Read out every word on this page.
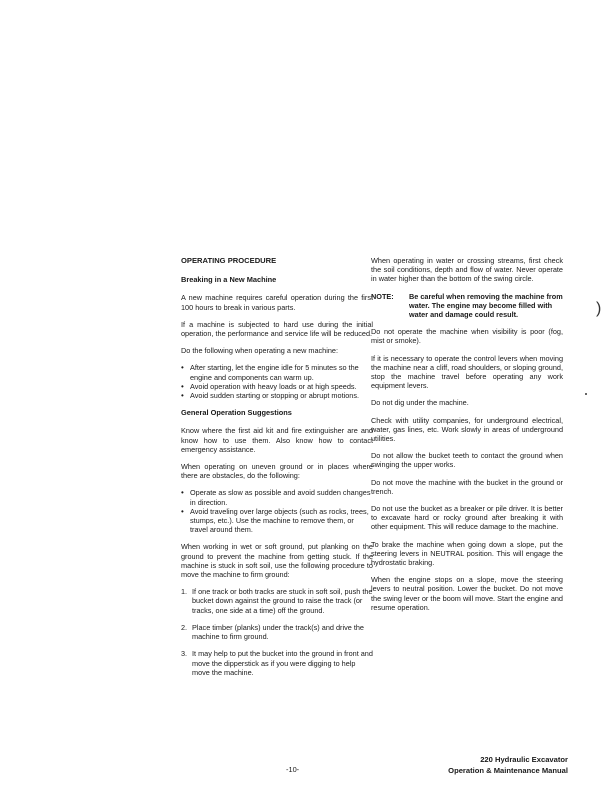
OPERATING PROCEDURE
Breaking in a New Machine

A new machine requires careful operation during the first 100 hours to break in various parts.

If a machine is subjected to hard use during the initial operation, the performance and service life will be reduced.

Do the following when operating a new machine:

• After starting, let the engine idle for 5 minutes so the engine and components can warm up.
• Avoid operation with heavy loads or at high speeds.
• Avoid sudden starting or stopping or abrupt motions.
General Operation Suggestions

Know where the first aid kit and fire extinguisher are and know how to use them. Also know how to contact emergency assistance.

When operating on uneven ground or in places where there are obstacles, do the following:

• Operate as slow as possible and avoid sudden changes in direction.
• Avoid traveling over large objects (such as rocks, trees, stumps, etc.). Use the machine to remove them, or travel around them.

When working in wet or soft ground, put planking on the ground to prevent the machine from getting stuck. If the machine is stuck in soft soil, use the following procedure to move the machine to firm ground:

1. If one track or both tracks are stuck in soft soil, push the bucket down against the ground to raise the track (or tracks, one side at a time) off the ground.
2. Place timber (planks) under the track(s) and drive the machine to firm ground.
3. It may help to put the bucket into the ground in front and move the dipperstick as if you were digging to help move the machine.

When operating in water or crossing streams, first check the soil conditions, depth and flow of water. Never operate in water higher than the bottom of the swing circle.

NOTE:	Be careful when removing the machine from water. The engine may become filled with water and damage could result.

Do not operate the machine when visibility is poor (fog, mist or smoke).

If it is necessary to operate the control levers when moving the machine near a cliff, road shoulders, or sloping ground, stop the machine travel before operating any work equipment levers.

Do not dig under the machine.

Check with utility companies, for underground electrical, water, gas lines, etc. Work slowly in areas of underground utilities.

Do not allow the bucket teeth to contact the ground when swinging the upper works.

Do not move the machine with the bucket in the ground or trench.

Do not use the bucket as a breaker or pile driver. It is better to excavate hard or rocky ground after breaking it with other equipment. This will reduce damage to the machine.

To brake the machine when going down a slope, put the steering levers in NEUTRAL position. This will engage the hydrostatic braking.

When the engine stops on a slope, move the steering levers to neutral position. Lower the bucket. Do not move the swing lever or the boom will move. Start the engine and resume operation.

)
-10-
220 Hydraulic Excavator
Operation & Maintenance Manual
